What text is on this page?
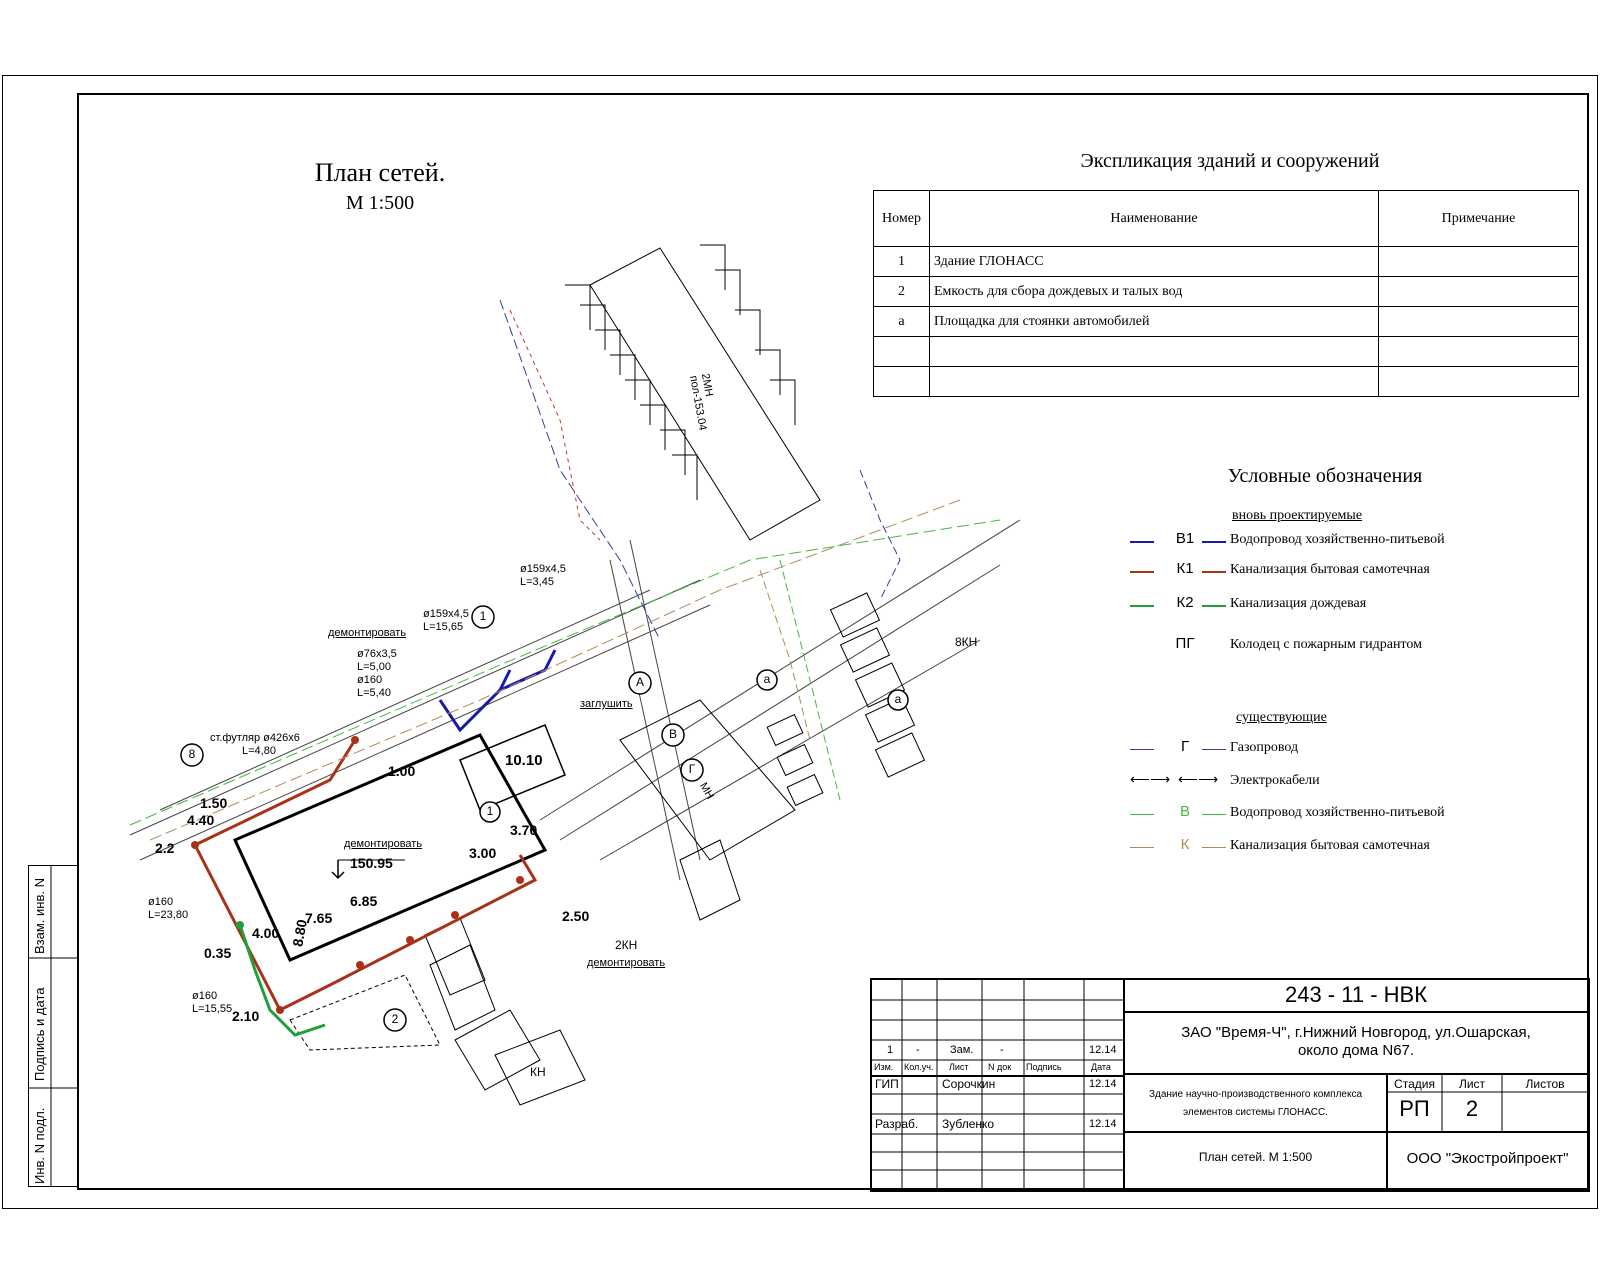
План сетей.
М 1:500
ø159x4,5
L=3,45
ø159x4,5
L=15,65
ø76x3,5
L=5,00
ø160
L=5,40
ст.футляр ø426x6
L=4,80
ø160
L=23,80
ø160
L=15,55
демонтировать
демонтировать
демонтировать
заглушить
150.95
10.10
3.70
6.85
7.65
8.80
4.00
2.50
2.10
0.35
4.40
1.50
2.2
1.00
3.00
2КН
8КН
КН
МН
2МН
пол-153.04
1
2
а
8
А
В
Г
1
а
Экспликация зданий и сооружений
Номер	Наименование	Примечание
1	Здание ГЛОНАСС	
2	Емкость для сбора дождевых и талых вод	
а	Площадка для стоянки автомобилей	

Условные обозначения
вновь проектируемые
В1	Водопровод хозяйственно-питьевой
К1	Канализация бытовая самотечная
К2	Канализация дождевая
ПГ	Колодец с пожарным гидрантом
существующие
Г	Газопровод
⟵⟶ ⟵⟶ Электрокабели
В	Водопровод хозяйственно-питьевой
К	Канализация бытовая самотечная
Инв. N подл.
Подпись и дата
Взам. инв. N
243 - 11 - НВК
ЗАО "Время-Ч", г.Нижний Новгород, ул.Ошарская,
около дома N67.
Здание научно-производственного комплекса
элементов системы ГЛОНАСС.
План сетей. М 1:500	ООО "Экостройпроект"
Стадия	Лист	Листов
РП	2
1 -	Зам. -	12.14
Изм. Кол.уч. Лист N док Подпись	Дата
ГИП	Сорочкин	12.14
Разраб. Зубленко	12.14
